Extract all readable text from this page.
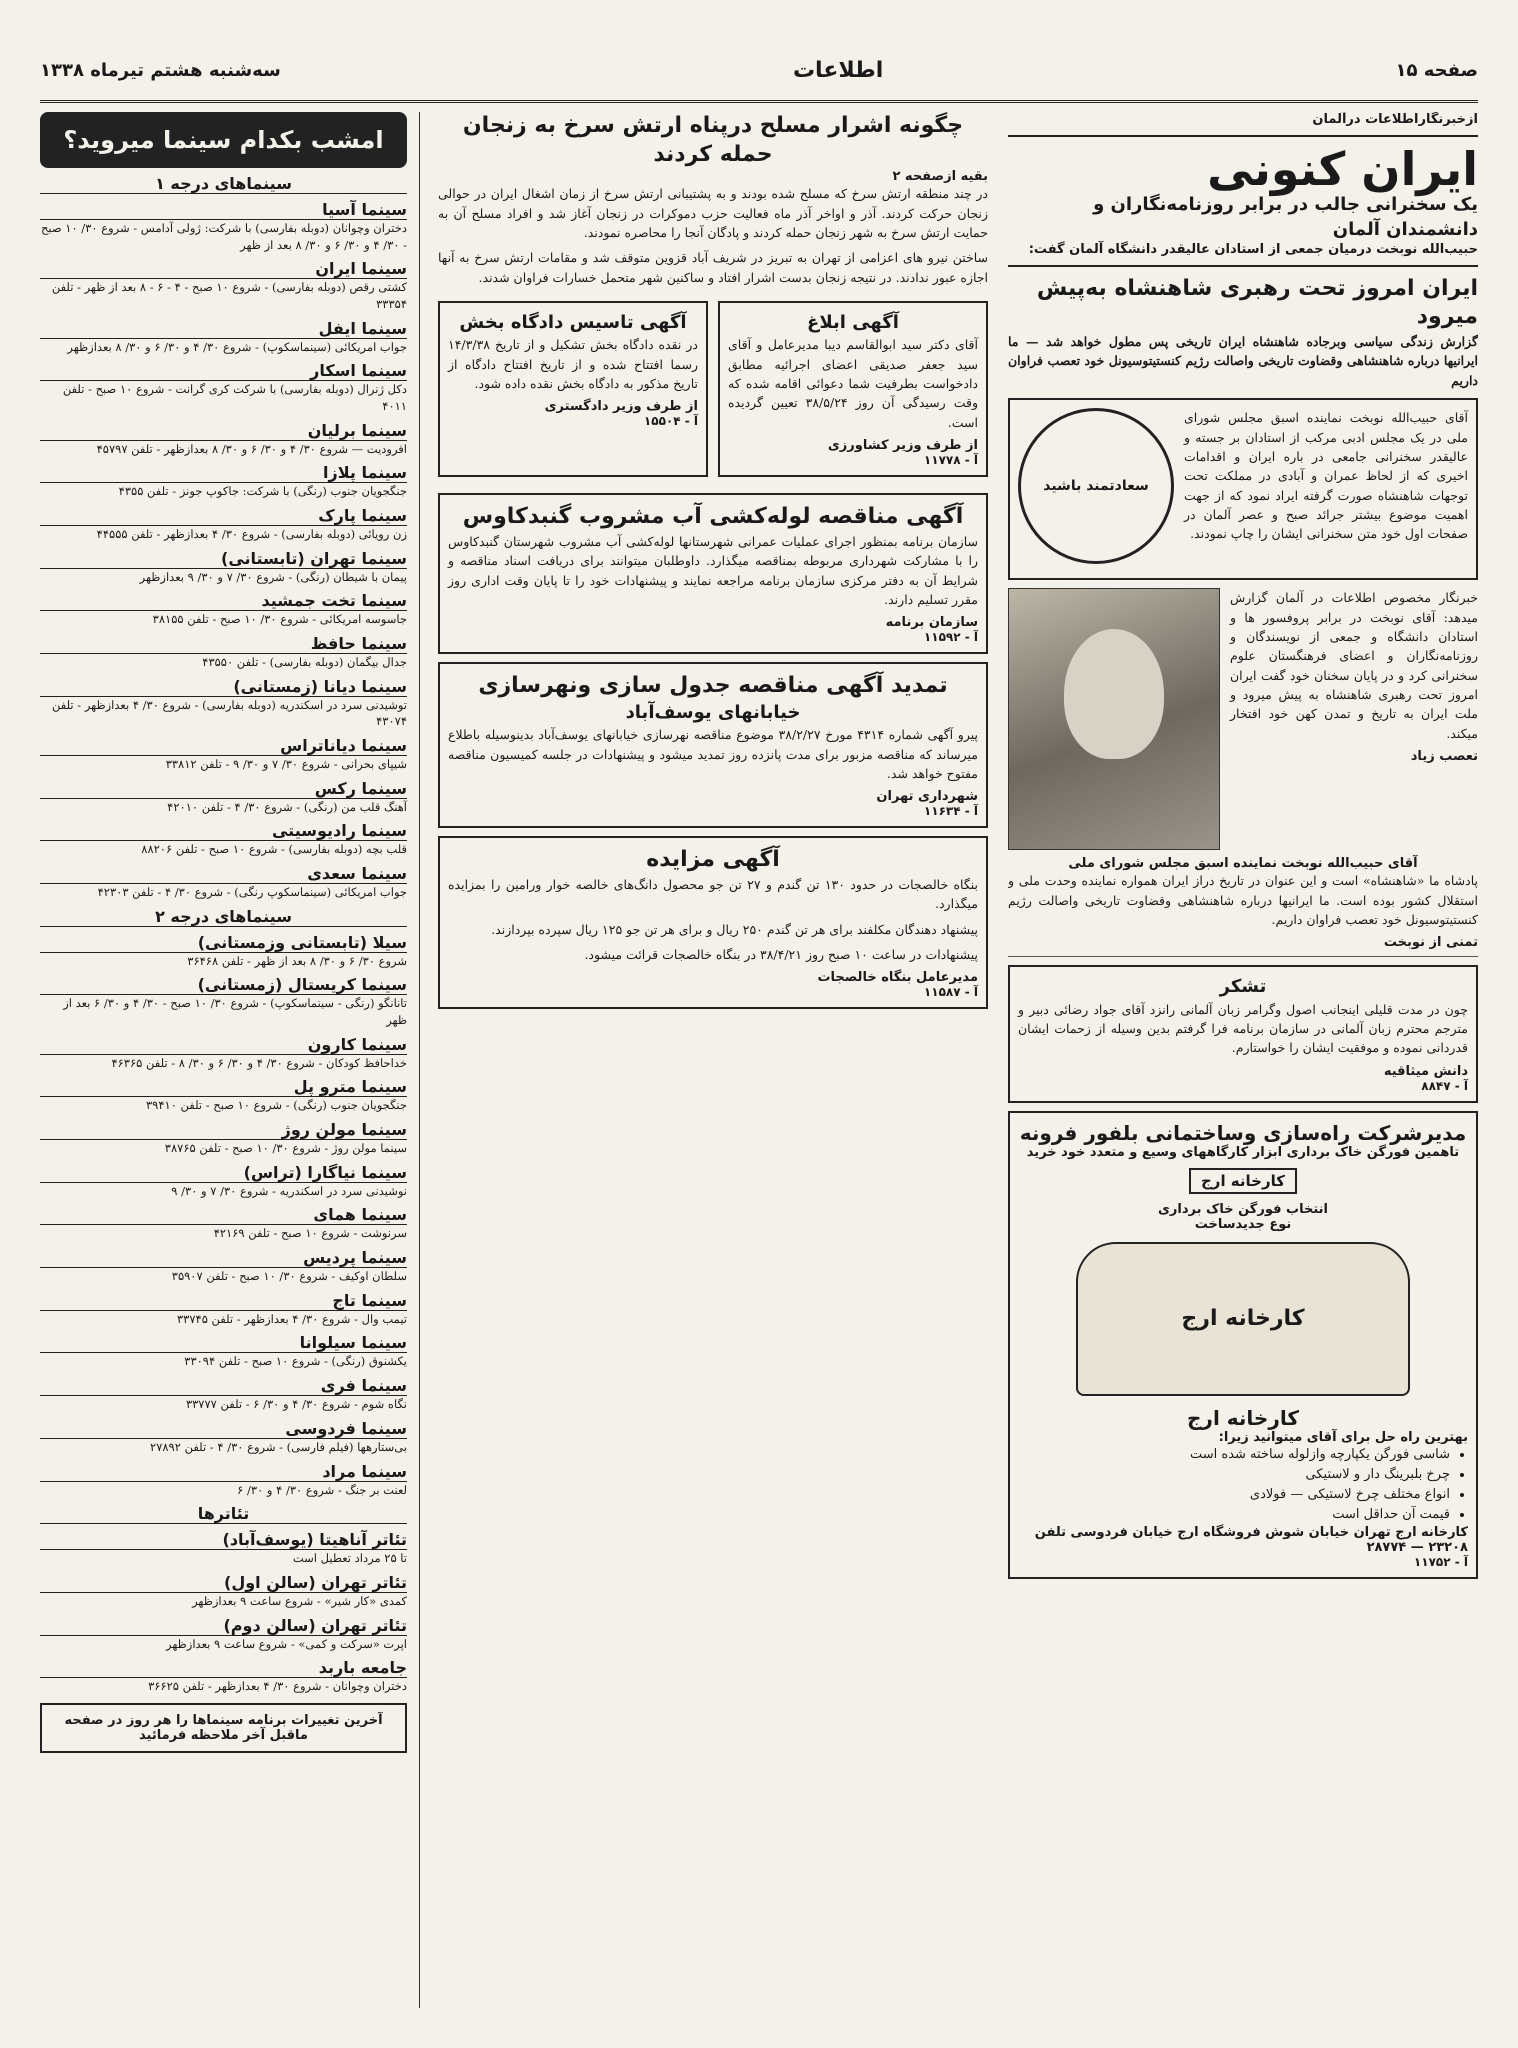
صفحه ۱۵
اطلاعات
سه‌شنبه هشتم تیرماه ۱۳۳۸
ازخبرنگاراطلاعات درآلمان
ایران کنونی
یک سخنرانی جالب در برابر روزنامه‌نگاران و دانشمندان آلمان
حبیب‌الله نوبخت درمیان جمعی از استادان عالیقدر دانشگاه آلمان گفت:
ایران امروز تحت رهبری شاهنشاه به‌پیش میرود
گزارش زندگی سیاسی وبرجاده شاهنشاه ایران تاریخی پس مطول خواهد شد — ما ایرانیها درباره شاهنشاهی وقضاوت تاریخی واصالت رژیم کنستیتوسیونل خود تعصب فراوان داریم
سعادتمند باشید
آقای حبیب‌الله نوبخت نماینده اسبق مجلس شورای ملی در یک مجلس ادبی مرکب از استادان بر جسته و عالیقدر سخنرانی جامعی در باره ایران و اقدامات اخیری که از لحاظ عمران و آبادی در مملکت تحت توجهات شاهنشاه صورت گرفته ایراد نمود که از جهت اهمیت موضوع بیشتر جرائد صبح و عصر آلمان در صفحات اول خود متن سخنرانی ایشان را چاپ نمودند.
خبرنگار مخصوص اطلاعات در آلمان گزارش میدهد: آقای نوبخت در برابر پروفسور ها و استادان دانشگاه و جمعی از نویسندگان و روزنامه‌نگاران و اعضای فرهنگستان علوم سخنرانی کرد و در پایان سخنان خود گفت ایران امروز تحت رهبری شاهنشاه به پیش میرود و ملت ایران به تاریخ و تمدن کهن خود افتخار میکند.
تعصب زیاد
آقای حبیب‌الله نوبخت نماینده اسبق مجلس شورای ملی
پادشاه ما «شاهنشاه» است و این عنوان در تاریخ دراز ایران همواره نماینده وحدت ملی و استقلال کشور بوده است. ما ایرانیها درباره شاهنشاهی وقضاوت تاریخی واصالت رژیم کنستیتوسیونل خود تعصب فراوان داریم.
تمنی از نوبخت
تشکر
چون در مدت قلیلی اینجانب اصول وگرامر زبان آلمانی رانزد آقای جواد رضائی دبیر و مترجم محترم زبان آلمانی در سازمان برنامه فرا گرفتم بدین وسیله از زحمات ایشان قدردانی نموده و موفقیت ایشان را خواستارم.
دانش میثاقیه
آ - ۸۸۴۷
مدیرشرکت راه‌سازی وساختمانی بلفور فرونه
تاهمین فورگن خاک برداری ابزار کارگاههای وسیع و متعدد خود خرید
کارخانه ارج
انتخاب فورگن خاک برداری
نوع جدیدساخت
کارخانه ارج
کارخانه ارج
بهترین راه حل برای آقای میتوانید زیرا:
• شاسی فورگن یکپارچه وازلوله ساخته شده است
• چرخ بلبرینگ دار و لاستیکی
• انواع مختلف چرخ لاستیکی — فولادی
• قیمت آن حداقل است
کارخانه ارج تهران خیابان شوش فروشگاه ارج خیابان فردوسی تلفن ۲۳۲۰۸ — ۲۸۷۷۴
آ - ۱۱۷۵۲
چگونه اشرار مسلح درپناه ارتش سرخ به زنجان حمله کردند
بقیه ازصفحه ۲
در چند منطقه ارتش سرخ که مسلح شده بودند و به پشتیبانی ارتش سرخ از زمان اشغال ایران در حوالی زنجان حرکت کردند. آذر و اواخر آذر ماه فعالیت حزب دموکرات در زنجان آغاز شد و افراد مسلح آن به حمایت ارتش سرخ به شهر زنجان حمله کردند و پادگان آنجا را محاصره نمودند.
ساختن نیرو های اعزامی از تهران به تبریز در شریف آباد قزوین متوقف شد و مقامات ارتش سرخ به آنها اجازه عبور ندادند. در نتیجه زنجان بدست اشرار افتاد و ساکنین شهر متحمل خسارات فراوان شدند.
آگهی ابلاغ
آقای دکتر سید ابوالقاسم دیبا مدیرعامل و آقای سید جعفر صدیقی اعضای اجرائیه مطابق دادخواست بطرفیت شما دعوائی اقامه شده که وقت رسیدگی آن روز ۳۸/۵/۲۴ تعیین گردیده است.
از طرف وزیر کشاورزی
آ - ۱۱۷۷۸
آگهی تاسیس دادگاه بخش
در نقده دادگاه بخش تشکیل و از تاریخ ۱۴/۳/۳۸ رسما افتتاح شده و از تاریخ افتتاح دادگاه از تاریخ مذکور به دادگاه بخش نقده داده شود.
از طرف وزیر دادگستری
آ - ۱۵۵۰۴
آگهی مناقصه لوله‌کشی آب مشروب گنبدکاوس
سازمان برنامه بمنظور اجرای عملیات عمرانی شهرستانها لوله‌کشی آب مشروب شهرستان گنبدکاوس را با مشارکت شهرداری مربوطه بمناقصه میگذارد. داوطلبان میتوانند برای دریافت اسناد مناقصه و شرایط آن به دفتر مرکزی سازمان برنامه مراجعه نمایند و پیشنهادات خود را تا پایان وقت اداری روز مقرر تسلیم دارند.
سازمان برنامه
آ - ۱۱۵۹۲
تمدید آگهی مناقصه جدول سازی ونهرسازی
خیابانهای یوسف‌آباد
پیرو آگهی شماره ۴۳۱۴ مورخ ۳۸/۲/۲۷ موضوع مناقصه نهرسازی خیابانهای یوسف‌آباد بدینوسیله باطلاع میرساند که مناقصه مزبور برای مدت پانزده روز تمدید میشود و پیشنهادات در جلسه کمیسیون مناقصه مفتوح خواهد شد.
شهرداری تهران
آ - ۱۱۶۳۴
آگهی مزایده
بنگاه خالصجات در حدود ۱۳۰ تن گندم و ۲۷ تن جو محصول دانگ‌های خالصه خوار ورامین را بمزایده میگذارد.
پیشنهاد دهندگان مکلفند برای هر تن گندم ۲۵۰ ریال و برای هر تن جو ۱۲۵ ریال سپرده بپردازند.
پیشنهادات در ساعت ۱۰ صبح روز ۳۸/۴/۲۱ در بنگاه خالصجات قرائت میشود.
مدیرعامل بنگاه خالصجات
آ - ۱۱۵۸۷
امشب بکدام سینما میروید؟
سینماهای درجه ۱
سینما آسیا
دختران وچوانان (دوبله بفارسی) با شرکت: ژولی آدامس - شروع ۳۰/ ۱۰ صبح - ۳۰/ ۴ و ۳۰/ ۶ و ۳۰/ ۸ بعد از ظهر
سینما ایران
کشتی رقص (دوبله بفارسی) - شروع ۱۰ صبح - ۴ - ۶ - ۸ بعد از ظهر - تلفن ۳۳۳۵۴
سینما ایفل
جواب امریکائی (سینماسکوپ) - شروع ۳۰/ ۴ و ۳۰/ ۶ و ۳۰/ ۸ بعدازظهر
سینما اسکار
دکل ژنرال (دوبله بفارسی) با شرکت کری گرانت - شروع ۱۰ صبح - تلفن ۴۰۱۱
سینما برلیان
افرودیت — شروع ۳۰/ ۴ و ۳۰/ ۶ و ۳۰/ ۸ بعدازظهر - تلفن ۴۵۷۹۷
سینما پلازا
جنگجویان جنوب (رنگی) با شرکت: جاکوپ جونز - تلفن ۴۳۵۵
سینما پارک
زن رویائی (دوبله بفارسی) - شروع ۳۰/ ۴ بعدازظهر - تلفن ۴۴۵۵۵
سینما تهران (تابستانی)
پیمان با شیطان (رنگی) - شروع ۳۰/ ۷ و ۳۰/ ۹ بعدازظهر
سینما تخت جمشید
جاسوسه امریکائی - شروع ۳۰/ ۱۰ صبح - تلفن ۳۸۱۵۵
سینما حافظ
جدال بیگمان (دوبله بفارسی) - تلفن ۴۳۵۵۰
سینما دیانا (زمستانی)
توشیدنی سرد در اسکندریه (دوبله بفارسی) - شروع ۳۰/ ۴ بعدازظهر - تلفن ۴۳۰۷۴
سینما دیاناتراس
شیپای بحرانی - شروع ۳۰/ ۷ و ۳۰/ ۹ - تلفن ۳۳۸۱۲
سینما رکس
آهنگ قلب من (رنگی) - شروع ۳۰/ ۴ - تلفن ۴۲۰۱۰
سینما رادیوسیتی
قلب بچه (دوبله بفارسی) - شروع ۱۰ صبح - تلفن ۸۸۲۰۶
سینما سعدی
جواب امریکائی (سینماسکوپ رنگی) - شروع ۳۰/ ۴ - تلفن ۴۲۳۰۳
سینماهای درجه ۲
سیلا (تابستانی وزمستانی)
شروع ۳۰/ ۶ و ۳۰/ ۸ بعد از ظهر - تلفن ۳۶۴۶۸
سینما کریستال (زمستانی)
تانانگو (رنگی - سینماسکوپ) - شروع ۳۰/ ۱۰ صبح - ۳۰/ ۴ و ۳۰/ ۶ بعد از ظهر
سینما کارون
خداحافظ کودکان - شروع ۳۰/ ۴ و ۳۰/ ۶ و ۳۰/ ۸ - تلفن ۴۶۳۶۵
سینما مترو پل
جنگجویان جنوب (رنگی) - شروع ۱۰ صبح - تلفن ۳۹۴۱۰
سینما مولن روژ
سینما مولن روژ - شروع ۳۰/ ۱۰ صبح - تلفن ۳۸۷۶۵
سینما نیاگارا (تراس)
نوشیدنی سرد در اسکندریه - شروع ۳۰/ ۷ و ۳۰/ ۹
سینما همای
سرنوشت - شروع ۱۰ صبح - تلفن ۴۲۱۶۹
سینما پردیس
سلطان اوکیف - شروع ۳۰/ ۱۰ صبح - تلفن ۳۵۹۰۷
سینما تاج
تیمب وال - شروع ۳۰/ ۴ بعدازظهر - تلفن ۳۳۷۴۵
سینما سیلوانا
یکشنوق (رنگی) - شروع ۱۰ صبح - تلفن ۳۳۰۹۴
سینما فری
نگاه شوم - شروع ۳۰/ ۴ و ۳۰/ ۶ - تلفن ۳۳۷۷۷
سینما فردوسی
بی‌ستارهها (فیلم فارسی) - شروع ۳۰/ ۴ - تلفن ۲۷۸۹۲
سینما مراد
لعنت بر جنگ - شروع ۳۰/ ۴ و ۳۰/ ۶
تئاترها
تئاتر آناهیتا (یوسف‌آباد)
تا ۲۵ مرداد تعطیل است
تئاتر تهران (سالن اول)
کمدی «کار شیر» - شروع ساعت ۹ بعدازظهر
تئاتر تهران (سالن دوم)
اپرت «سرکت و کمی» - شروع ساعت ۹ بعدازظهر
جامعه باربد
دختران وچوانان - شروع ۳۰/ ۴ بعدازظهر - تلفن ۳۶۶۲۵
آخرین تغییرات برنامه سینماها را هر روز در صفحه ماقبل آخر ملاحظه فرمائید
